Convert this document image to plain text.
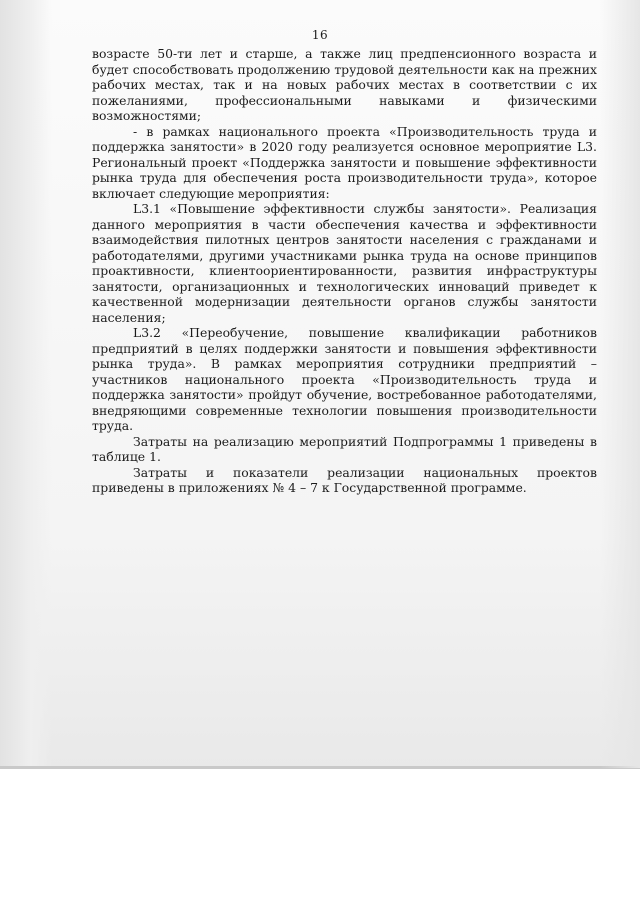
16

возрасте 50-ти лет и старше, а также лиц предпенсионного возраста и будет способствовать продолжению трудовой деятельности как на прежних рабочих местах, так и на новых рабочих местах в соответствии с их пожеланиями, профессиональными навыками и физическими возможностями;

- в рамках национального проекта «Производительность труда и поддержка занятости» в 2020 году реализуется основное мероприятие L3. Региональный проект «Поддержка занятости и повышение эффективности рынка труда для обеспечения роста производительности труда», которое включает следующие мероприятия:

L3.1 «Повышение эффективности службы занятости». Реализация данного мероприятия в части обеспечения качества и эффективности взаимодействия пилотных центров занятости населения с гражданами и работодателями, другими участниками рынка труда на основе принципов проактивности, клиентоориентированности, развития инфраструктуры занятости, организационных и технологических инноваций приведет к качественной модернизации деятельности органов службы занятости населения;

L3.2 «Переобучение, повышение квалификации работников предприятий в целях поддержки занятости и повышения эффективности рынка труда». В рамках мероприятия сотрудники предприятий – участников национального проекта «Производительность труда и поддержка занятости» пройдут обучение, востребованное работодателями, внедряющими современные технологии повышения производительности труда.

Затраты на реализацию мероприятий Подпрограммы 1 приведены в таблице 1.

Затраты и показатели реализации национальных проектов приведены в приложениях № 4 – 7 к Государственной программе.
